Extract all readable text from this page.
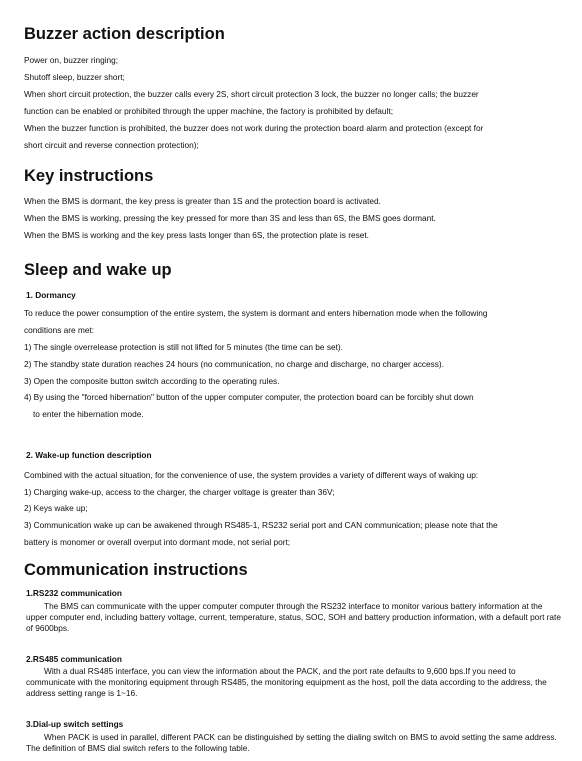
Buzzer action description

Power on, buzzer ringing;

Shutoff sleep, buzzer short;

When short circuit protection, the buzzer calls every 2S, short circuit protection 3 lock, the buzzer no longer calls; the buzzer

function can be enabled or prohibited through the upper machine, the factory is prohibited by default;

When the buzzer function is prohibited, the buzzer does not work during the protection board alarm and protection (except for

short circuit and reverse connection protection);

Key instructions

When the BMS is dormant, the key press is greater than 1S and the protection board is activated.

When the BMS is working, pressing the key pressed for more than 3S and less than 6S, the BMS goes dormant.

When the BMS is working and the key press lasts longer than 6S, the protection plate is reset.

Sleep and wake up

1. Dormancy

To reduce the power consumption of the entire system, the system is dormant and enters hibernation mode when the following

conditions are met:

1) The single overrelease protection is still not lifted for 5 minutes (the time can be set).

2) The standby state duration reaches 24 hours (no communication, no charge and discharge, no charger access).

3) Open the composite button switch according to the operating rules.

4) By using the "forced hibernation" button of the upper computer computer, the protection board can be forcibly shut down

to enter the hibernation mode.

2. Wake-up function description

Combined with the actual situation, for the convenience of use, the system provides a variety of different ways of waking up:

1) Charging wake-up, access to the charger, the charger voltage is greater than 36V;

2) Keys wake up;

3) Communication wake up can be awakened through RS485-1, RS232 serial port and CAN communication; please note that the

battery is monomer or overall overput into dormant mode, not serial port;

Communication instructions

1.RS232 communication

The BMS can communicate with the upper computer computer through the RS232 interface to monitor various battery information at the upper computer end, including battery voltage, current, temperature, status, SOC, SOH and battery production information, with a default port rate of 9600bps.

2.RS485 communication

With a dual RS485 interface, you can view the information about the PACK, and the port rate defaults to 9,600 bps.If you need to communicate with the monitoring equipment through RS485, the monitoring equipment as the host, poll the data according to the address, the address setting range is 1~16.

3.Dial-up switch settings

When PACK is used in parallel, different PACK can be distinguished by setting the dialing switch on BMS to avoid setting the same address. The definition of BMS dial switch refers to the following table.
